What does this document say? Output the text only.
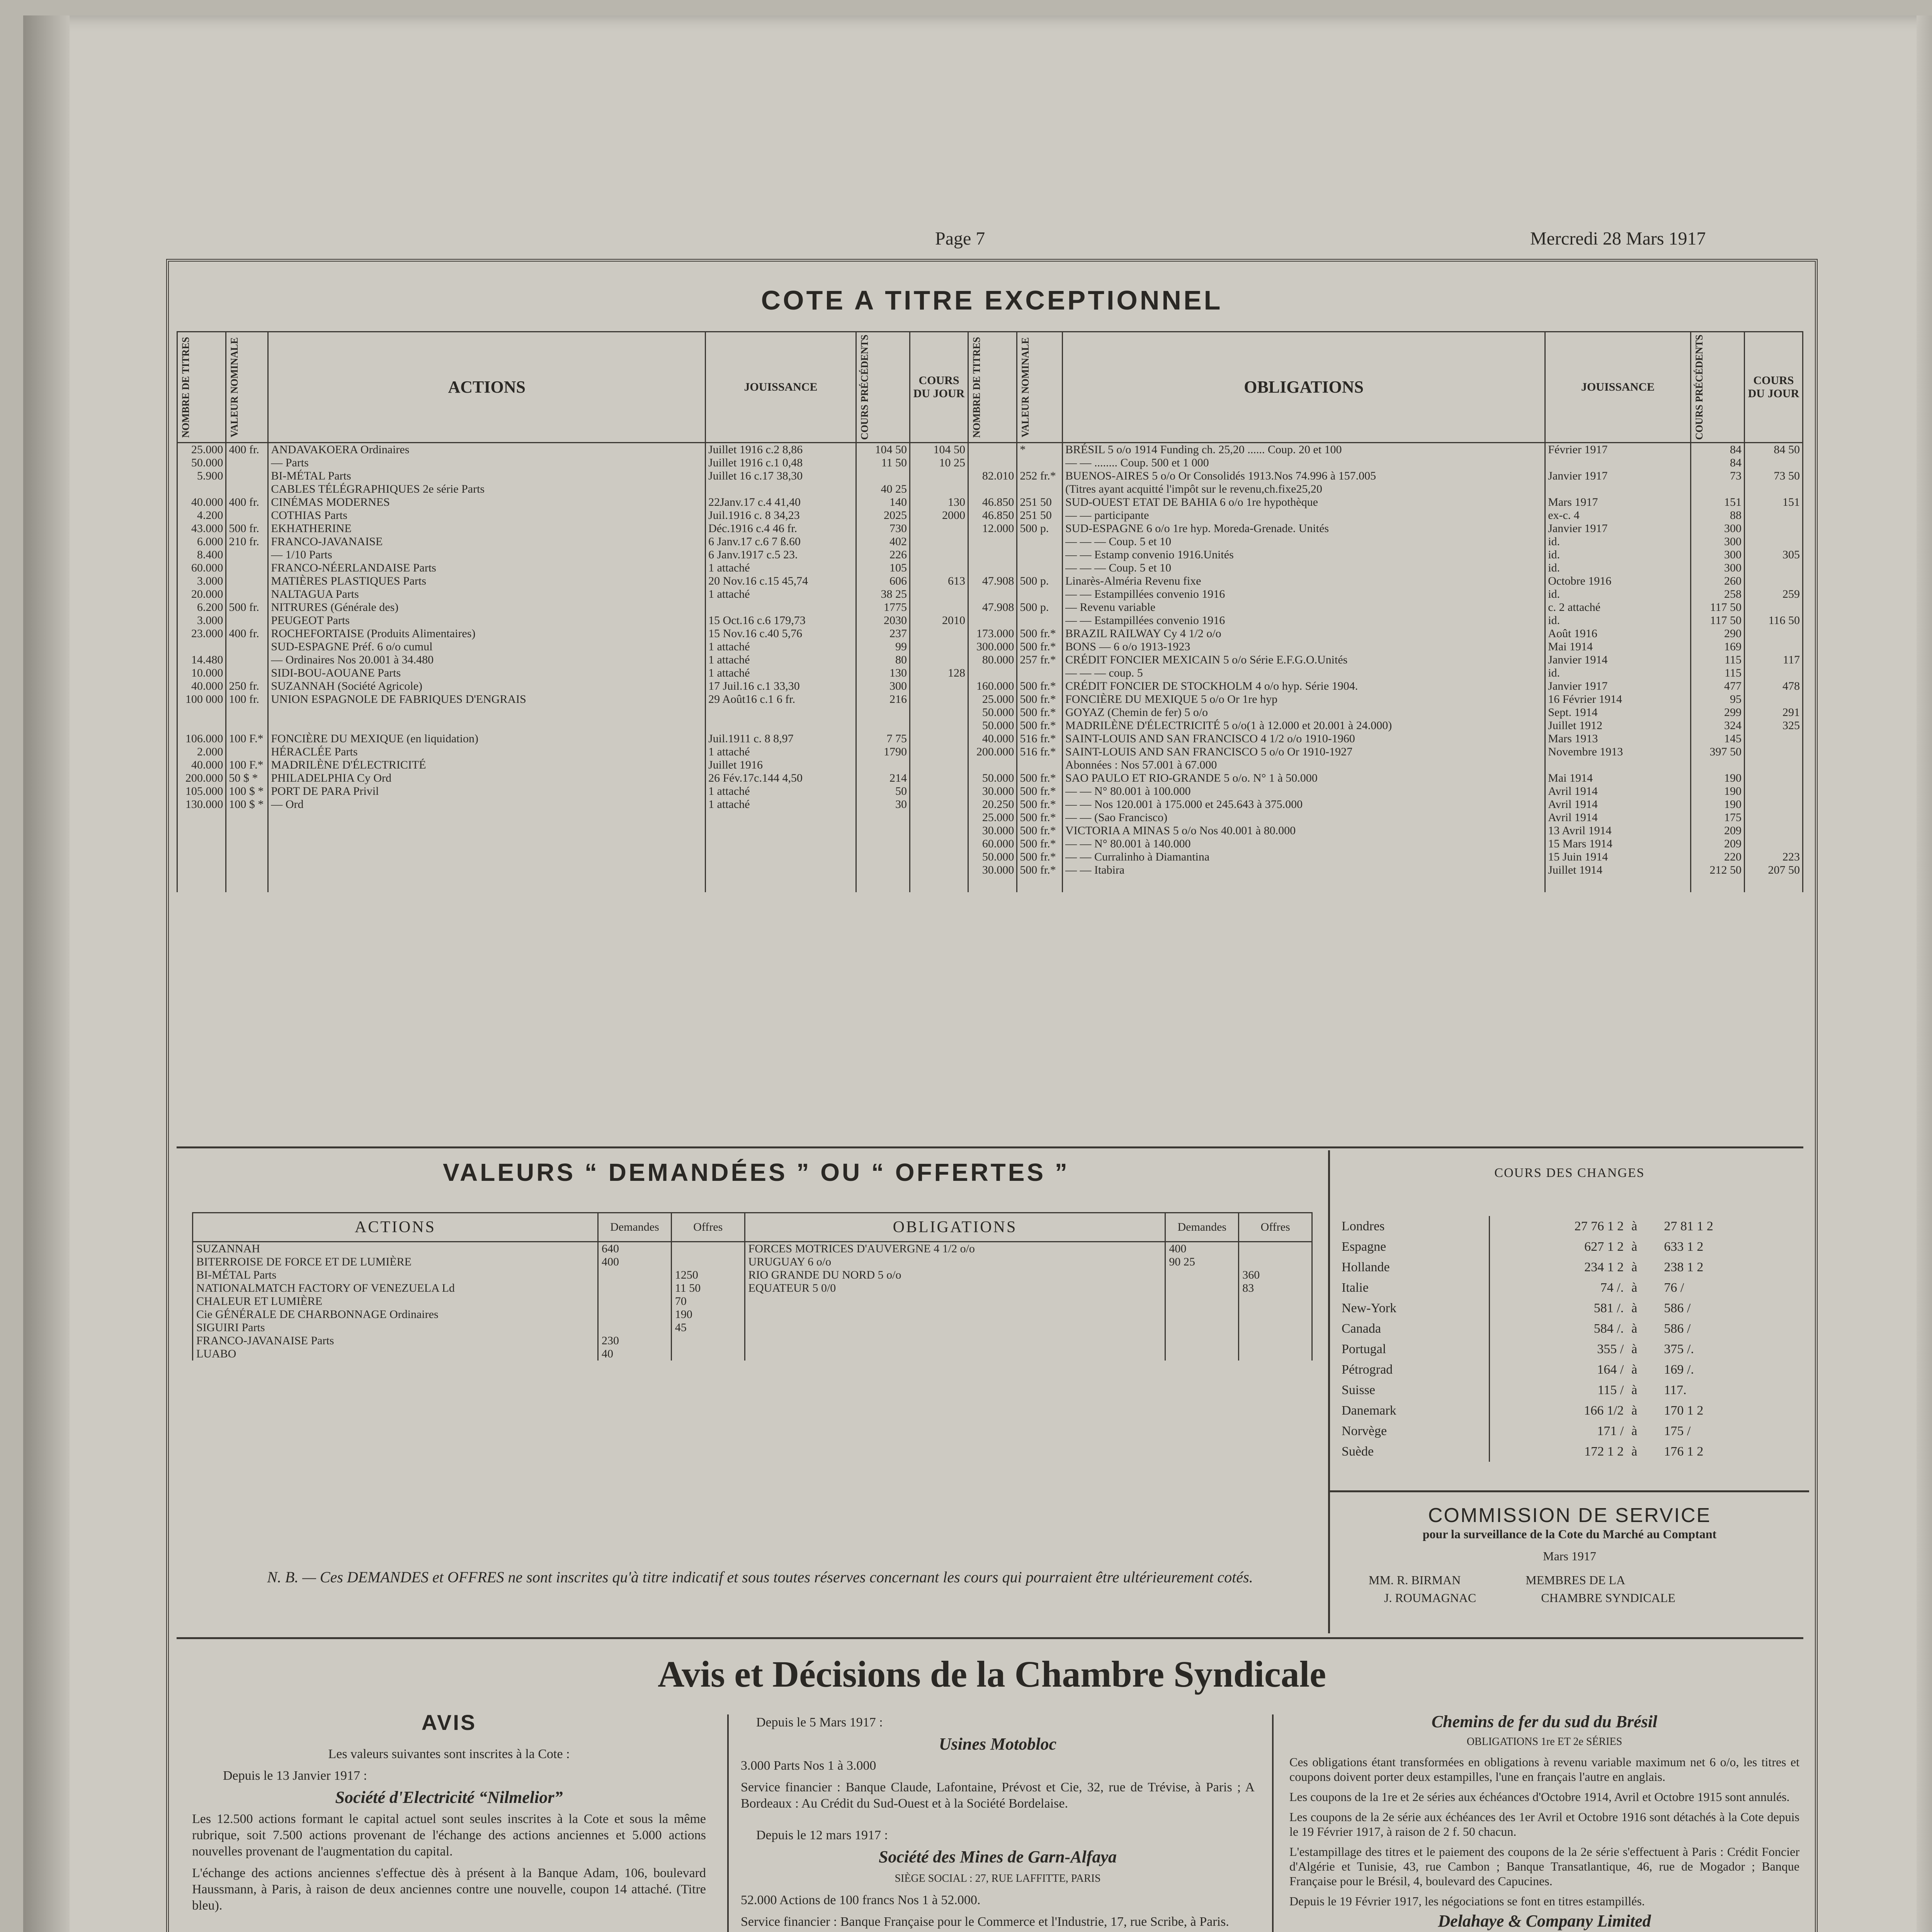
Page 7	Mercredi 28 Mars 1917
COTE A TITRE EXCEPTIONNEL
NOMBRE DE TITRES	VALEUR NOMINALE	ACTIONS	JOUISSANCE	COURS PRÉCÉDENTS	COURS DU JOUR	NOMBRE DE TITRES	VALEUR NOMINALE	OBLIGATIONS	JOUISSANCE	COURS PRÉCÉDENTS	COURS DU JOUR
25.000	400 fr.	ANDAVAKOERA Ordinaires	Juillet 1916 c.2 8,86	104 50	104 50		*	BRÉSIL 5 o/o 1914 Funding ch. 25,20 ...... Coup. 20 et 100	Février 1917	84	84 50
50.000		— Parts	Juillet 1916 c.1 0,48	11 50	10 25			— — ........ Coup. 500 et 1 000		84	
5.900		BI-MÉTAL Parts	Juillet 16 c.17 38,30			82.010	252 fr.*	BUENOS-AIRES 5 o/o Or Consolidés 1913.Nos 74.996 à 157.005	Janvier 1917	73	73 50
		CABLES TÉLÉGRAPHIQUES 2e série Parts		40 25				(Titres ayant acquitté l'impôt sur le revenu,ch.fixe25,20			
40.000	400 fr.	CINÉMAS MODERNES	22Janv.17 c.4 41,40	140	130	46.850	251 50	SUD-OUEST ETAT DE BAHIA 6 o/o 1re hypothèque	Mars 1917	151	151
4.200		COTHIAS Parts	Juil.1916 c. 8 34,23	2025	2000	46.850	251 50	— — participante	ex-c. 4	88	
43.000	500 fr.	EKHATHERINE	Déc.1916 c.4 46 fr.	730		12.000	500 p.	SUD-ESPAGNE 6 o/o 1re hyp. Moreda-Grenade. Unités	Janvier 1917	300	
6.000	210 fr.	FRANCO-JAVANAISE	6 Janv.17 c.6 7 ß.60	402				— — — Coup. 5 et 10	id.	300	
8.400		— 1/10 Parts	6 Janv.1917 c.5 23.	226				— — Estamp convenio 1916.Unités	id.	300	305
60.000		FRANCO-NÉERLANDAISE Parts	1 attaché	105				— — — Coup. 5 et 10	id.	300	
3.000		MATIÈRES PLASTIQUES Parts	20 Nov.16 c.15 45,74	606	613	47.908	500 p.	Linarès-Alméria Revenu fixe	Octobre 1916	260	
20.000		NALTAGUA Parts	1 attaché	38 25				— — Estampillées convenio 1916	id.	258	259
6.200	500 fr.	NITRURES (Générale des)		1775		47.908	500 p.	— Revenu variable	c. 2 attaché	117 50	
3.000		PEUGEOT Parts	15 Oct.16 c.6 179,73	2030	2010			— — Estampillées convenio 1916	id.	117 50	116 50
23.000	400 fr.	ROCHEFORTAISE (Produits Alimentaires)	15 Nov.16 c.40 5,76	237		173.000	500 fr.*	BRAZIL RAILWAY Cy 4 1/2 o/o	Août 1916	290	
		SUD-ESPAGNE Préf. 6 o/o cumul	1 attaché	99		300.000	500 fr.*	BONS — 6 o/o 1913-1923	Mai 1914	169	
14.480		— Ordinaires Nos 20.001 à 34.480	1 attaché	80		80.000	257 fr.*	CRÉDIT FONCIER MEXICAIN 5 o/o Série E.F.G.O.Unités	Janvier 1914	115	117
10.000		SIDI-BOU-AOUANE Parts	1 attaché	130	128			— — — coup. 5	id.	115	
40.000	250 fr.	SUZANNAH (Société Agricole)	17 Juil.16 c.1 33,30	300		160.000	500 fr.*	CRÉDIT FONCIER DE STOCKHOLM 4 o/o hyp. Série 1904.	Janvier 1917	477	478
100 000	100 fr.	UNION ESPAGNOLE DE FABRIQUES D'ENGRAIS	29 Août16 c.1 6 fr.	216		25.000	500 fr.*	FONCIÈRE DU MEXIQUE 5 o/o Or 1re hyp	16 Février 1914	95	
						50.000	500 fr.*	GOYAZ (Chemin de fer) 5 o/o	Sept. 1914	299	291
						50.000	500 fr.*	MADRILÈNE D'ÉLECTRICITÉ 5 o/o(1 à 12.000 et 20.001 à 24.000)	Juillet 1912	324	325
106.000	100 F.*	FONCIÈRE DU MEXIQUE (en liquidation)	Juil.1911 c. 8 8,97	7 75		40.000	516 fr.*	SAINT-LOUIS AND SAN FRANCISCO 4 1/2 o/o 1910-1960	Mars 1913	145	
2.000		HÉRACLÉE Parts	1 attaché	1790		200.000	516 fr.*	SAINT-LOUIS AND SAN FRANCISCO 5 o/o Or 1910-1927	Novembre 1913	397 50	
40.000	100 F.*	MADRILÈNE D'ÉLECTRICITÉ	Juillet 1916					Abonnées : Nos 57.001 à 67.000			
200.000	50 $ *	PHILADELPHIA Cy Ord	26 Fév.17c.144 4,50	214		50.000	500 fr.*	SAO PAULO ET RIO-GRANDE 5 o/o. N° 1 à 50.000	Mai 1914	190	
105.000	100 $ *	PORT DE PARA Privil	1 attaché	50		30.000	500 fr.*	— — N° 80.001 à 100.000	Avril 1914	190	
130.000	100 $ *	— Ord	1 attaché	30		20.250	500 fr.*	— — Nos 120.001 à 175.000 et 245.643 à 375.000	Avril 1914	190	
						25.000	500 fr.*	— — (Sao Francisco)	Avril 1914	175	
						30.000	500 fr.*	VICTORIA A MINAS 5 o/o Nos 40.001 à 80.000	13 Avril 1914	209	
						60.000	500 fr.*	— — N° 80.001 à 140.000	15 Mars 1914	209	
						50.000	500 fr.*	— — Curralinho à Diamantina	15 Juin 1914	220	223
						30.000	500 fr.*	— — Itabira	Juillet 1914	212 50	207 50

VALEURS “ DEMANDÉES ” OU “ OFFERTES ”
ACTIONS	Demandes	Offres	OBLIGATIONS	Demandes	Offres
SUZANNAH	640		FORCES MOTRICES D'AUVERGNE 4 1/2 o/o	400	
BITERROISE DE FORCE ET DE LUMIÈRE	400		URUGUAY 6 o/o	90 25	
BI-MÉTAL Parts		1250	RIO GRANDE DU NORD 5 o/o		360
NATIONALMATCH FACTORY OF VENEZUELA Ld		11 50	EQUATEUR 5 0/0		83
CHALEUR ET LUMIÈRE		70			
Cie GÉNÉRALE DE CHARBONNAGE Ordinaires		190			
SIGUIRI Parts		45			
FRANCO-JAVANAISE Parts	230				
LUABO	40				

N. B. — Ces DEMANDES et OFFRES ne sont inscrites qu'à titre indicatif et sous toutes réserves concernant les cours qui pourraient être ultérieurement cotés.
COURS DES CHANGES
Londres	27 76 1 2	à	27 81 1 2
Espagne	627 1 2	à	633 1 2
Hollande	234 1 2	à	238 1 2
Italie	74 /.	à	76 /
New-York	581 /.	à	586 /
Canada	584 /.	à	586 /
Portugal	355 /	à	375 /.
Pétrograd	164 /	à	169 /.
Suisse	115 /	à	117.
Danemark	166 1/2	à	170 1 2
Norvège	171 /	à	175 /
Suède	172 1 2	à	176 1 2
COMMISSION DE SERVICE
pour la surveillance de la Cote du Marché au Comptant
Mars 1917
MM. R. BIRMAN	MEMBRES DE LA
J. ROUMAGNAC	CHAMBRE SYNDICALE
Avis et Décisions de la Chambre Syndicale
AVIS

Les valeurs suivantes sont inscrites à la Cote :

Depuis le 13 Janvier 1917 :

Société d'Electricité “Nilmelior”

Les 12.500 actions formant le capital actuel sont seules inscrites à la Cote et sous la même rubrique, soit 7.500 actions provenant de l'échange des actions anciennes et 5.000 actions nouvelles provenant de l'augmentation du capital.

L'échange des actions anciennes s'effectue dès à présent à la Banque Adam, 106, boulevard Haussmann, à Paris, à raison de deux anciennes contre une nouvelle, coupon 14 attaché. (Titre bleu).

Depuis le 5 Mars 1917 :

Usines Motobloc

3.000 Parts Nos 1 à 3.000

Service financier : Banque Claude, Lafontaine, Prévost et Cie, 32, rue de Trévise, à Paris ; A Bordeaux : Au Crédit du Sud-Ouest et à la Société Bordelaise.

Depuis le 12 mars 1917 :

Société des Mines de Garn-Alfaya

SIÈGE SOCIAL : 27, RUE LAFFITTE, PARIS

52.000 Actions de 100 francs Nos 1 à 52.000.

Service financier : Banque Française pour le Commerce et l'Industrie, 17, rue Scribe, à Paris.

Chemins de fer du sud du Brésil

OBLIGATIONS 1re ET 2e SÉRIES

Ces obligations étant transformées en obligations à revenu variable maximum net 6 o/o, les titres et coupons doivent porter deux estampilles, l'une en français l'autre en anglais.

Les coupons de la 1re et 2e séries aux échéances d'Octobre 1914, Avril et Octobre 1915 sont annulés.

Les coupons de la 2e série aux échéances des 1er Avril et Octobre 1916 sont détachés à la Cote depuis le 19 Février 1917, à raison de 2 f. 50 chacun.

L'estampillage des titres et le paiement des coupons de la 2e série s'effectuent à Paris : Crédit Foncier d'Algérie et Tunisie, 43, rue Cambon ; Banque Transatlantique, 46, rue de Mogador ; Banque Française pour le Brésil, 4, boulevard des Capucines.

Depuis le 19 Février 1917, les négociations se font en titres estampillés.

Delahaye & Company Limited
